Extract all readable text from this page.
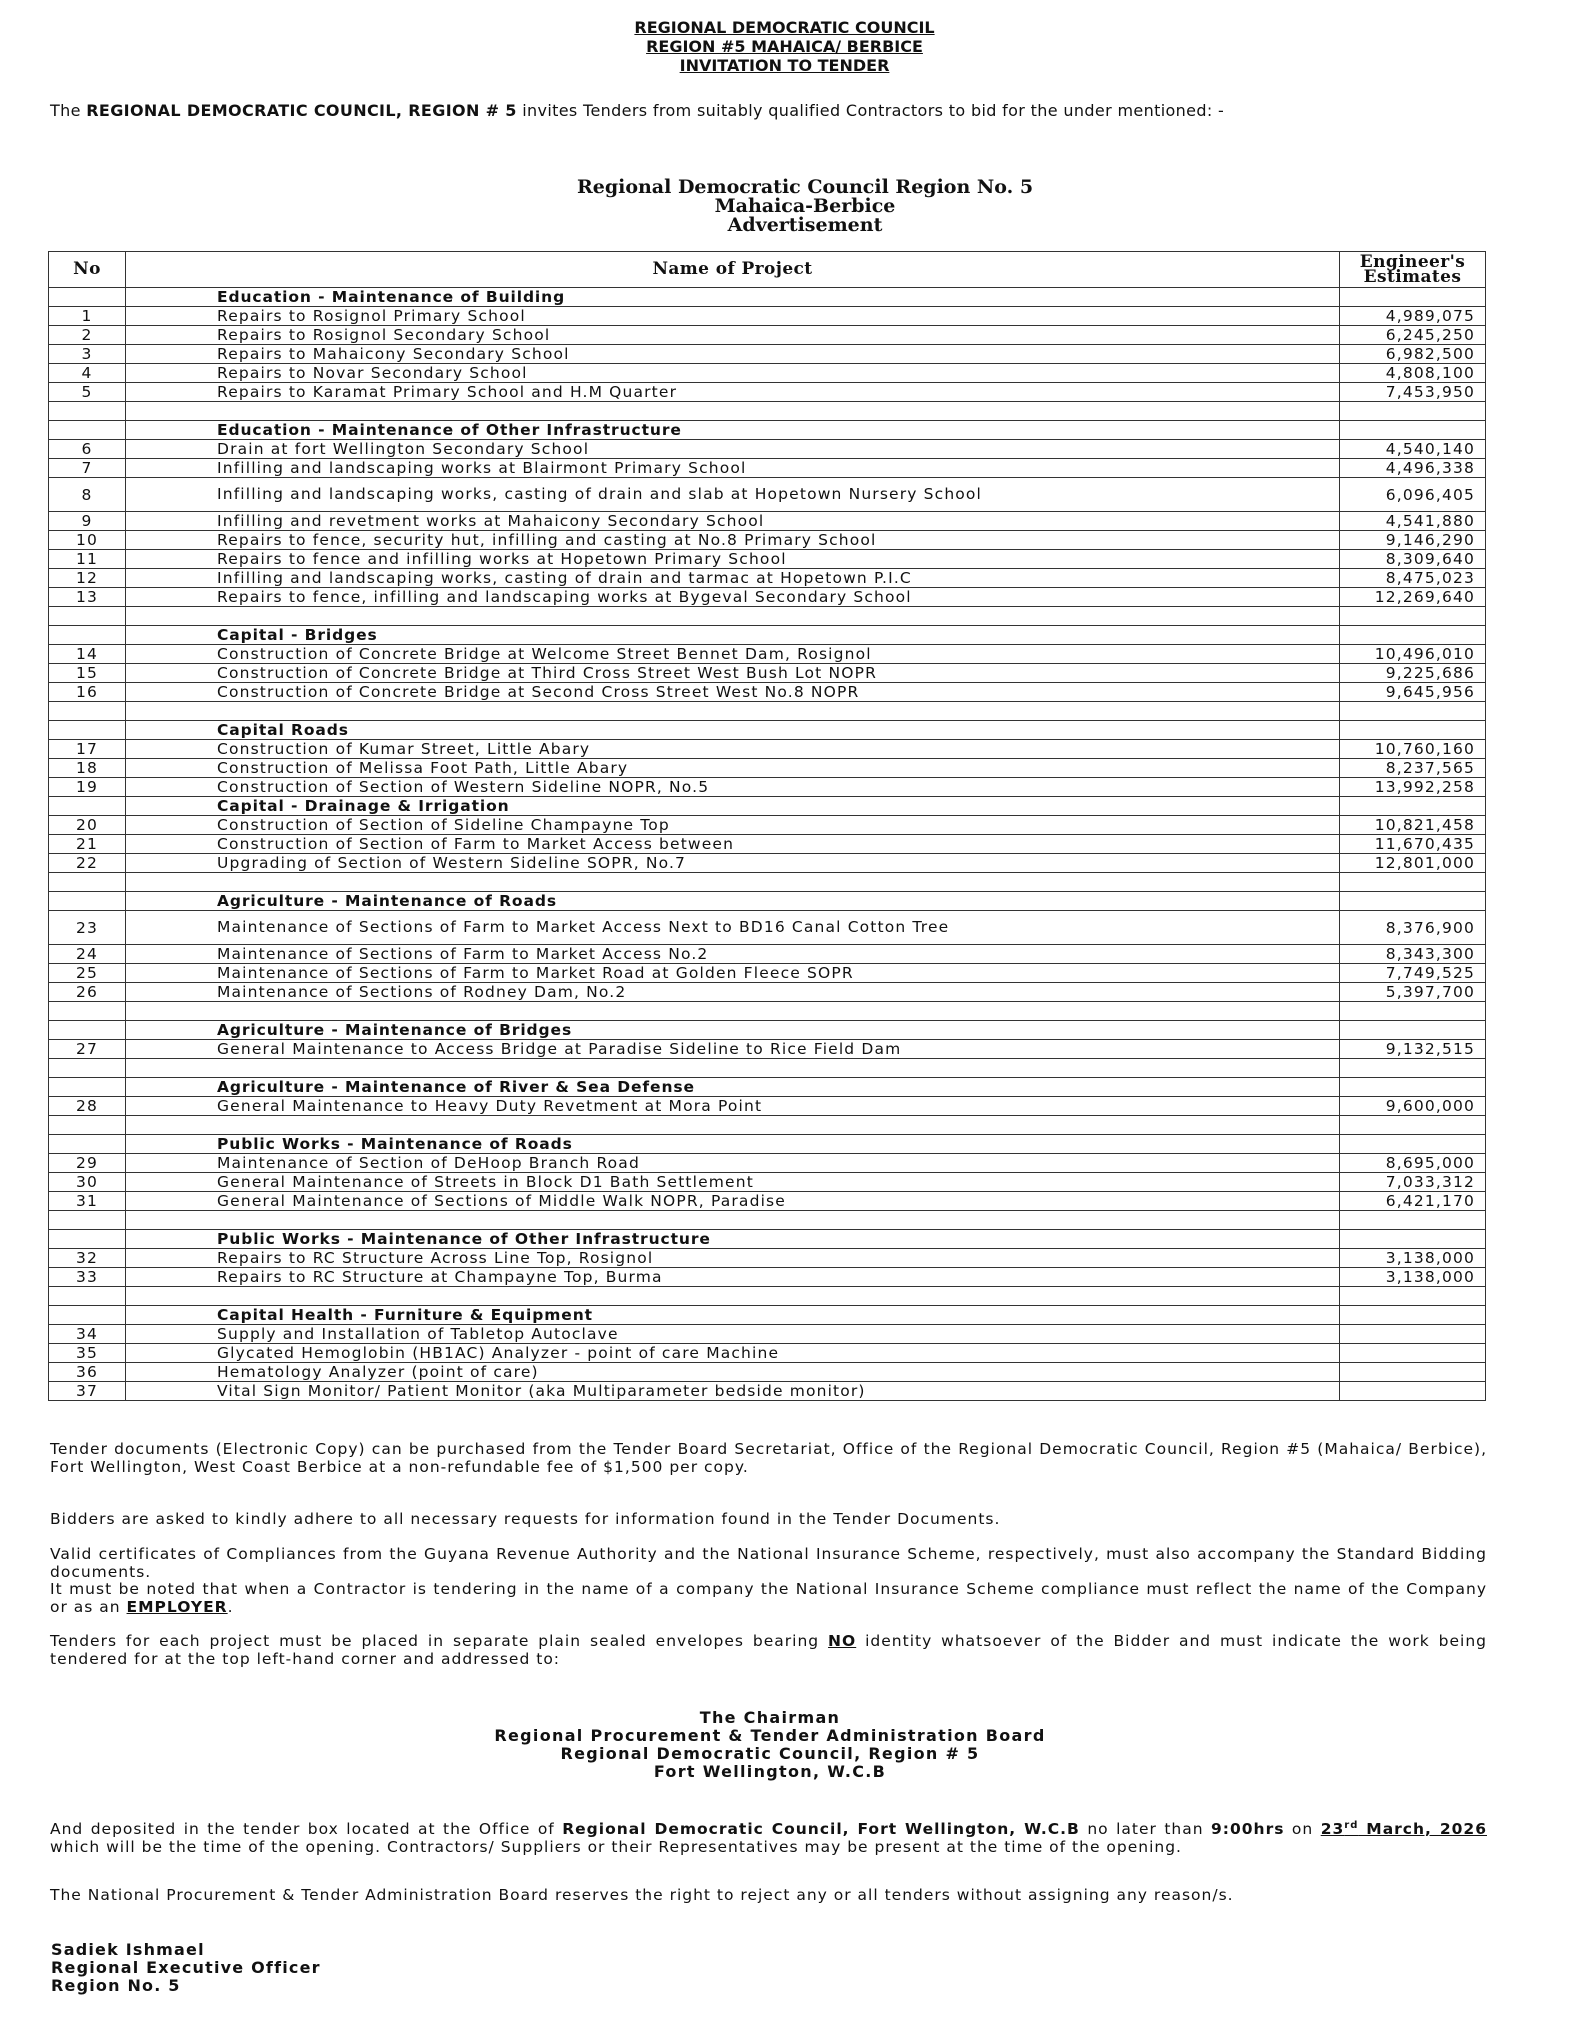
REGIONAL DEMOCRATIC COUNCIL
REGION #5 MAHAICA/ BERBICE
INVITATION TO TENDER
The REGIONAL DEMOCRATIC COUNCIL, REGION # 5 invites Tenders from suitably qualified Contractors to bid for the under mentioned: -
Regional Democratic Council Region No. 5
Mahaica-Berbice
Advertisement
No	Name of Project	Engineer's Estimates
	Education - Maintenance of Building	
1	Repairs to Rosignol Primary School	4,989,075
2	Repairs to Rosignol Secondary School	6,245,250
3	Repairs to Mahaicony Secondary School	6,982,500
4	Repairs to Novar Secondary School	4,808,100
5	Repairs to Karamat Primary School and H.M Quarter	7,453,950

	Education - Maintenance of Other Infrastructure	
6	Drain at fort Wellington Secondary School	4,540,140
7	Infilling and landscaping works at Blairmont Primary School	4,496,338
8	Infilling and landscaping works, casting of drain and slab at Hopetown Nursery School	6,096,405
9	Infilling and revetment works at Mahaicony Secondary School	4,541,880
10	Repairs to fence, security hut, infilling and casting at No.8 Primary School	9,146,290
11	Repairs to fence and infilling works at Hopetown Primary School	8,309,640
12	Infilling and landscaping works, casting of drain and tarmac at Hopetown P.I.C	8,475,023
13	Repairs to fence, infilling and landscaping works at Bygeval Secondary School	12,269,640

	Capital - Bridges	
14	Construction of Concrete Bridge at Welcome Street Bennet Dam, Rosignol	10,496,010
15	Construction of Concrete Bridge at Third Cross Street West Bush Lot NOPR	9,225,686
16	Construction of Concrete Bridge at Second Cross Street West No.8 NOPR	9,645,956

	Capital Roads	
17	Construction of Kumar Street, Little Abary	10,760,160
18	Construction of Melissa Foot Path, Little Abary	8,237,565
19	Construction of Section of Western Sideline NOPR, No.5	13,992,258
	Capital - Drainage & Irrigation	
20	Construction of Section of Sideline Champayne Top	10,821,458
21	Construction of Section of Farm to Market Access between	11,670,435
22	Upgrading of Section of Western Sideline SOPR, No.7	12,801,000

	Agriculture - Maintenance of Roads	
23	Maintenance of Sections of Farm to Market Access Next to BD16 Canal Cotton Tree	8,376,900
24	Maintenance of Sections of Farm to Market Access No.2	8,343,300
25	Maintenance of Sections of Farm to Market Road at Golden Fleece SOPR	7,749,525
26	Maintenance of Sections of Rodney Dam, No.2	5,397,700

	Agriculture - Maintenance of Bridges	
27	General Maintenance to Access Bridge at Paradise Sideline to Rice Field Dam	9,132,515

	Agriculture - Maintenance of River & Sea Defense	
28	General Maintenance to Heavy Duty Revetment at Mora Point	9,600,000

	Public Works - Maintenance of Roads	
29	Maintenance of Section of DeHoop Branch Road	8,695,000
30	General Maintenance of Streets in Block D1 Bath Settlement	7,033,312
31	General Maintenance of Sections of Middle Walk NOPR, Paradise	6,421,170

	Public Works - Maintenance of Other Infrastructure	
32	Repairs to RC Structure Across Line Top, Rosignol	3,138,000
33	Repairs to RC Structure at Champayne Top, Burma	3,138,000

	Capital Health - Furniture & Equipment	
34	Supply and Installation of Tabletop Autoclave	
35	Glycated Hemoglobin (HB1AC) Analyzer - point of care Machine	
36	Hematology Analyzer (point of care)	
37	Vital Sign Monitor/ Patient Monitor (aka Multiparameter bedside monitor)	
Tender documents (Electronic Copy) can be purchased from the Tender Board Secretariat, Office of the Regional Democratic Council, Region #5 (Mahaica/ Berbice), Fort Wellington, West Coast Berbice at a non-refundable fee of $1,500 per copy.
Bidders are asked to kindly adhere to all necessary requests for information found in the Tender Documents.
Valid certificates of Compliances from the Guyana Revenue Authority and the National Insurance Scheme, respectively, must also accompany the Standard Bidding documents.
It must be noted that when a Contractor is tendering in the name of a company the National Insurance Scheme compliance must reflect the name of the Company or as an EMPLOYER.
Tenders for each project must be placed in separate plain sealed envelopes bearing NO identity whatsoever of the Bidder and must indicate the work being tendered for at the top left-hand corner and addressed to:
The Chairman
Regional Procurement & Tender Administration Board
Regional Democratic Council, Region # 5
Fort Wellington, W.C.B
And deposited in the tender box located at the Office of Regional Democratic Council, Fort Wellington, W.C.B no later than 9:00hrs on 23rd March, 2026 which will be the time of the opening. Contractors/ Suppliers or their Representatives may be present at the time of the opening.
The National Procurement & Tender Administration Board reserves the right to reject any or all tenders without assigning any reason/s.
Sadiek Ishmael
Regional Executive Officer
Region No. 5
